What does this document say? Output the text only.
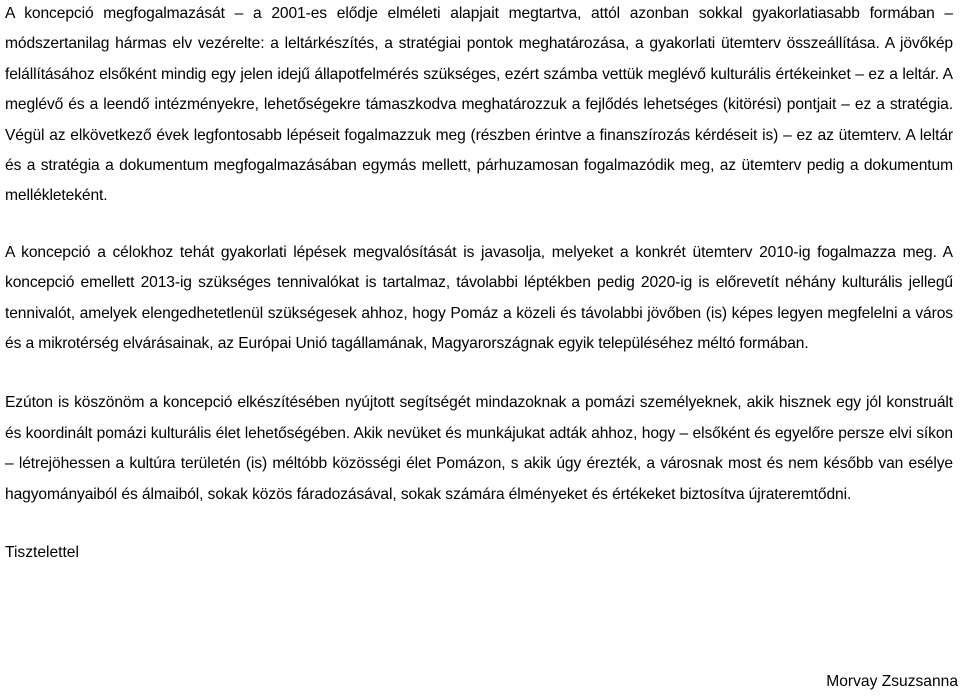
A koncepció megfogalmazását – a 2001-es elődje elméleti alapjait megtartva, attól azonban sokkal gyakorlatiasabb formában – módszertanilag hármas elv vezérelte: a leltárkészítés, a stratégiai pontok meghatározása, a gyakorlati ütemterv összeállítása. A jövőkép felállításához elsőként mindig egy jelen idejű állapotfelmérés szükséges, ezért számba vettük meglévő kulturális értékeinket – ez a leltár. A meglévő és a leendő intézményekre, lehetőségekre támaszkodva meghatározzuk a fejlődés lehetséges (kitörési) pontjait – ez a stratégia. Végül az elkövetkező évek legfontosabb lépéseit fogalmazzuk meg (részben érintve a finanszírozás kérdéseit is) – ez az ütemterv. A leltár és a stratégia a dokumentum megfogalmazásában egymás mellett, párhuzamosan fogalmazódik meg, az ütemterv pedig a dokumentum mellékleteként.

A koncepció a célokhoz tehát gyakorlati lépések megvalósítását is javasolja, melyeket a konkrét ütemterv 2010-ig fogalmazza meg. A koncepció emellett 2013-ig szükséges tennivalókat is tartalmaz, távolabbi léptékben pedig 2020-ig is előrevetít néhány kulturális jellegű tennivalót, amelyek elengedhetetlenül szükségesek ahhoz, hogy Pomáz a közeli és távolabbi jövőben (is) képes legyen megfelelni a város és a mikrotérség elvárásainak, az Európai Unió tagállamának, Magyarországnak egyik településéhez méltó formában.

Ezúton is köszönöm a koncepció elkészítésében nyújtott segítségét mindazoknak a pomázi személyeknek, akik hisznek egy jól konstruált és koordinált pomázi kulturális élet lehetőségében. Akik nevüket és munkájukat adták ahhoz, hogy – elsőként és egyelőre persze elvi síkon – létrejöhessen a kultúra területén (is) méltóbb közösségi élet Pomázon, s akik úgy érezték, a városnak most és nem később van esélye hagyományaiból és álmaiból, sokak közös fáradozásával, sokak számára élményeket és értékeket biztosítva újrateremtődni.

Tisztelettel

Morvay Zsuzsanna
